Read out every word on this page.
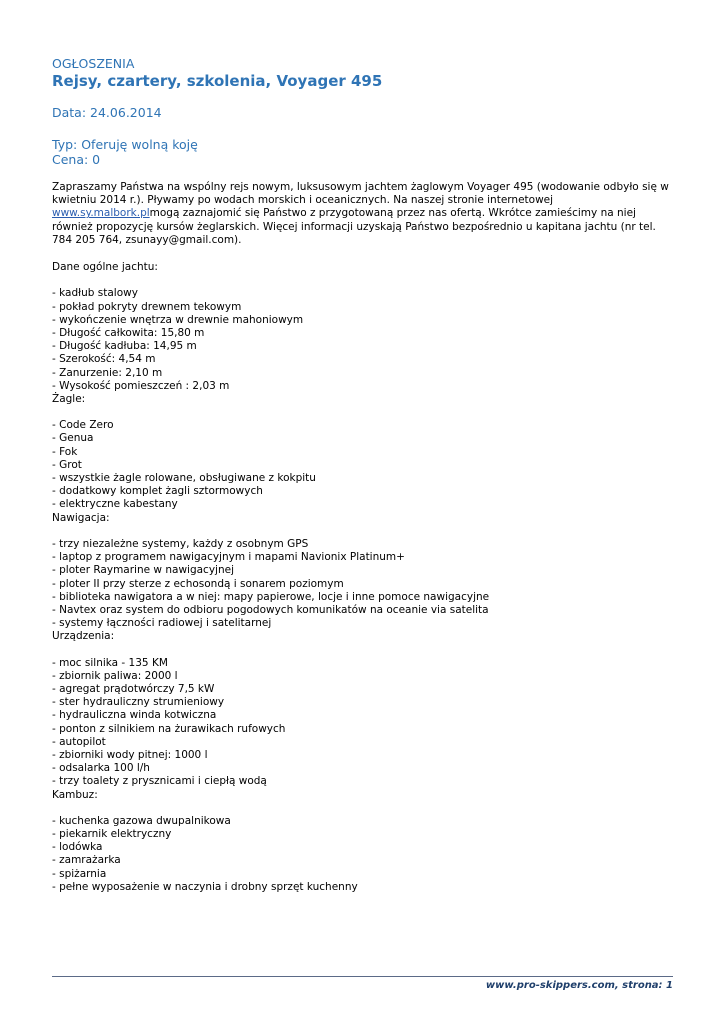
OGŁOSZENIA
Rejsy, czartery, szkolenia, Voyager 495
Data: 24.06.2014
Typ: Oferuję wolną koję
Cena: 0
Zapraszamy Państwa na wspólny rejs nowym, luksusowym jachtem żaglowym Voyager 495 (wodowanie odbyło się w kwietniu 2014 r.). Pływamy po wodach morskich i oceanicznych. Na naszej stronie internetowej www.sy.malbork.plmogą zaznajomić się Państwo z przygotowaną przez nas ofertą. Wkrótce zamieścimy na niej również propozycję kursów żeglarskich. Więcej informacji uzyskają Państwo bezpośrednio u kapitana jachtu (nr tel. 784 205 764, zsunayy@gmail.com).
Dane ogólne jachtu:
- kadłub stalowy
- pokład pokryty drewnem tekowym
- wykończenie wnętrza w drewnie mahoniowym
- Długość całkowita: 15,80 m
- Długość kadłuba: 14,95 m
- Szerokość: 4,54 m
- Zanurzenie: 2,10 m
- Wysokość pomieszczeń : 2,03 m
Żagle:
- Code Zero
- Genua
- Fok
- Grot
- wszystkie żagle rolowane, obsługiwane z kokpitu
- dodatkowy komplet żagli sztormowych
- elektryczne kabestany
Nawigacja:
- trzy niezależne systemy, każdy z osobnym GPS
- laptop z programem nawigacyjnym i mapami Navionix Platinum+
- ploter Raymarine w nawigacyjnej
- ploter II przy sterze z echosondą i sonarem poziomym
- biblioteka nawigatora a w niej: mapy papierowe, locje i inne pomoce nawigacyjne
- Navtex oraz system do odbioru pogodowych komunikatów na oceanie via satelita
- systemy łączności radiowej i satelitarnej
Urządzenia:
- moc silnika - 135 KM
- zbiornik paliwa: 2000 l
- agregat prądotwórczy 7,5 kW
- ster hydrauliczny strumieniowy
- hydrauliczna winda kotwiczna
- ponton z silnikiem na żurawikach rufowych
- autopilot
- zbiorniki wody pitnej: 1000 l
- odsalarka 100 l/h
- trzy toalety z prysznicami i ciepłą wodą
Kambuz:
- kuchenka gazowa dwupalnikowa
- piekarnik elektryczny
- lodówka
- zamrażarka
- spiżarnia
- pełne wyposażenie w naczynia i drobny sprzęt kuchenny
www.pro-skippers.com, strona: 1
